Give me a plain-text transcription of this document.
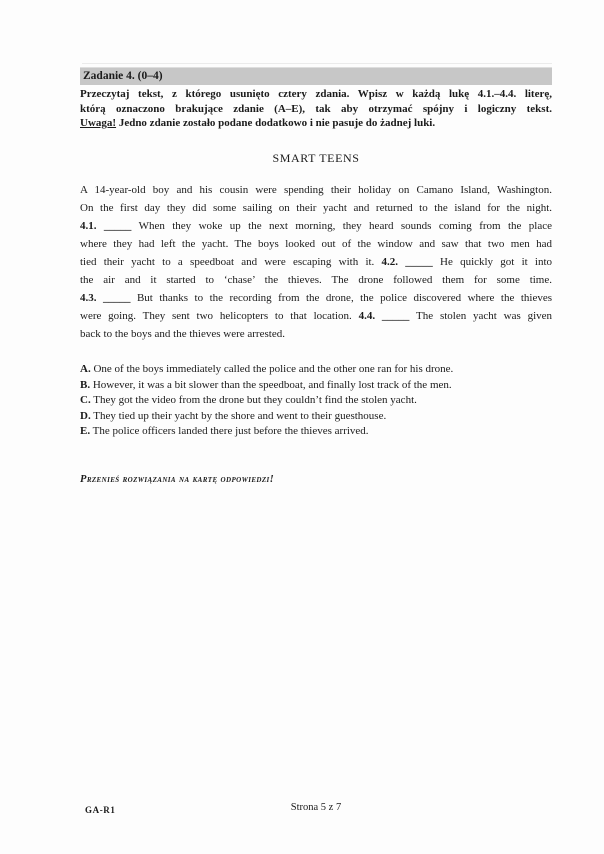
Zadanie 4. (0–4)
Przeczytaj tekst, z którego usunięto cztery zdania. Wpisz w każdą lukę 4.1.–4.4. literę,
którą oznaczono brakujące zdanie (A–E), tak aby otrzymać spójny i logiczny tekst.
Uwaga! Jedno zdanie zostało podane dodatkowo i nie pasuje do żadnej luki.
SMART TEENS
A 14-year-old boy and his cousin were spending their holiday on Camano Island, Washington.
On the first day they did some sailing on their yacht and returned to the island for the night.
4.1. _____ When they woke up the next morning, they heard sounds coming from the place
where they had left the yacht. The boys looked out of the window and saw that two men had
tied their yacht to a speedboat and were escaping with it. 4.2. _____ He quickly got it into
the air and it started to ‘chase’ the thieves. The drone followed them for some time.
4.3. _____ But thanks to the recording from the drone, the police discovered where the thieves
were going. They sent two helicopters to that location. 4.4. _____ The stolen yacht was given
back to the boys and the thieves were arrested.
A. One of the boys immediately called the police and the other one ran for his drone.
B. However, it was a bit slower than the speedboat, and finally lost track of the men.
C. They got the video from the drone but they couldn’t find the stolen yacht.
D. They tied up their yacht by the shore and went to their guesthouse.
E. The police officers landed there just before the thieves arrived.
Przenieś rozwiązania na kartę odpowiedzi!
GA-R1	Strona 5 z 7
